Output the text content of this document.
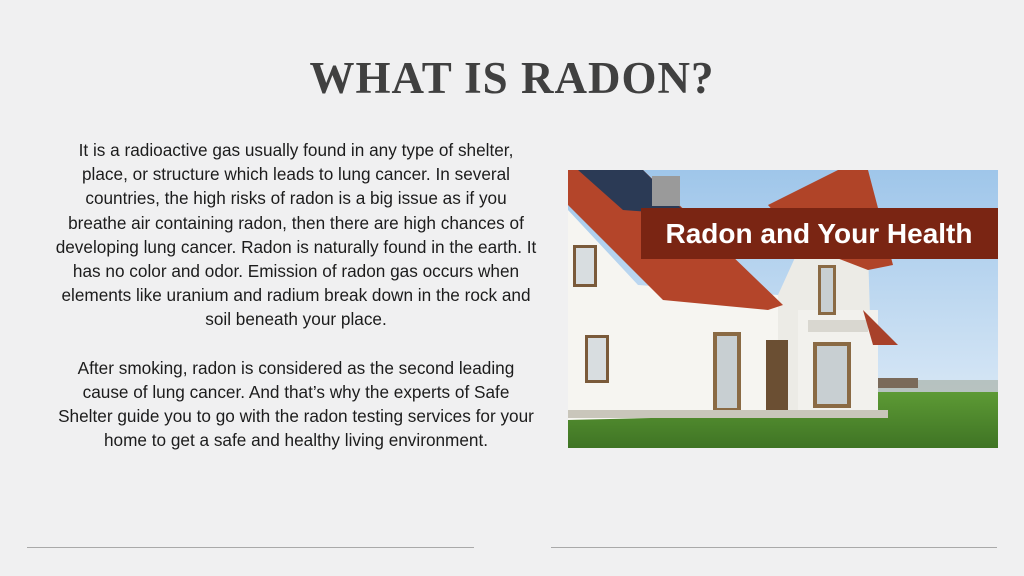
WHAT IS RADON?

It is a radioactive gas usually found in any type of shelter, place, or structure which leads to lung cancer. In several countries, the high risks of radon is a big issue as if you breathe air containing radon, then there are high chances of developing lung cancer. Radon is naturally found in the earth. It has no color and odor. Emission of radon gas occurs when elements like uranium and radium break down in the rock and soil beneath your place.

After smoking, radon is considered as the second leading cause of lung cancer. And that’s why the experts of Safe Shelter guide you to go with the radon testing services for your home to get a safe and healthy living environment.

Radon and Your Health
